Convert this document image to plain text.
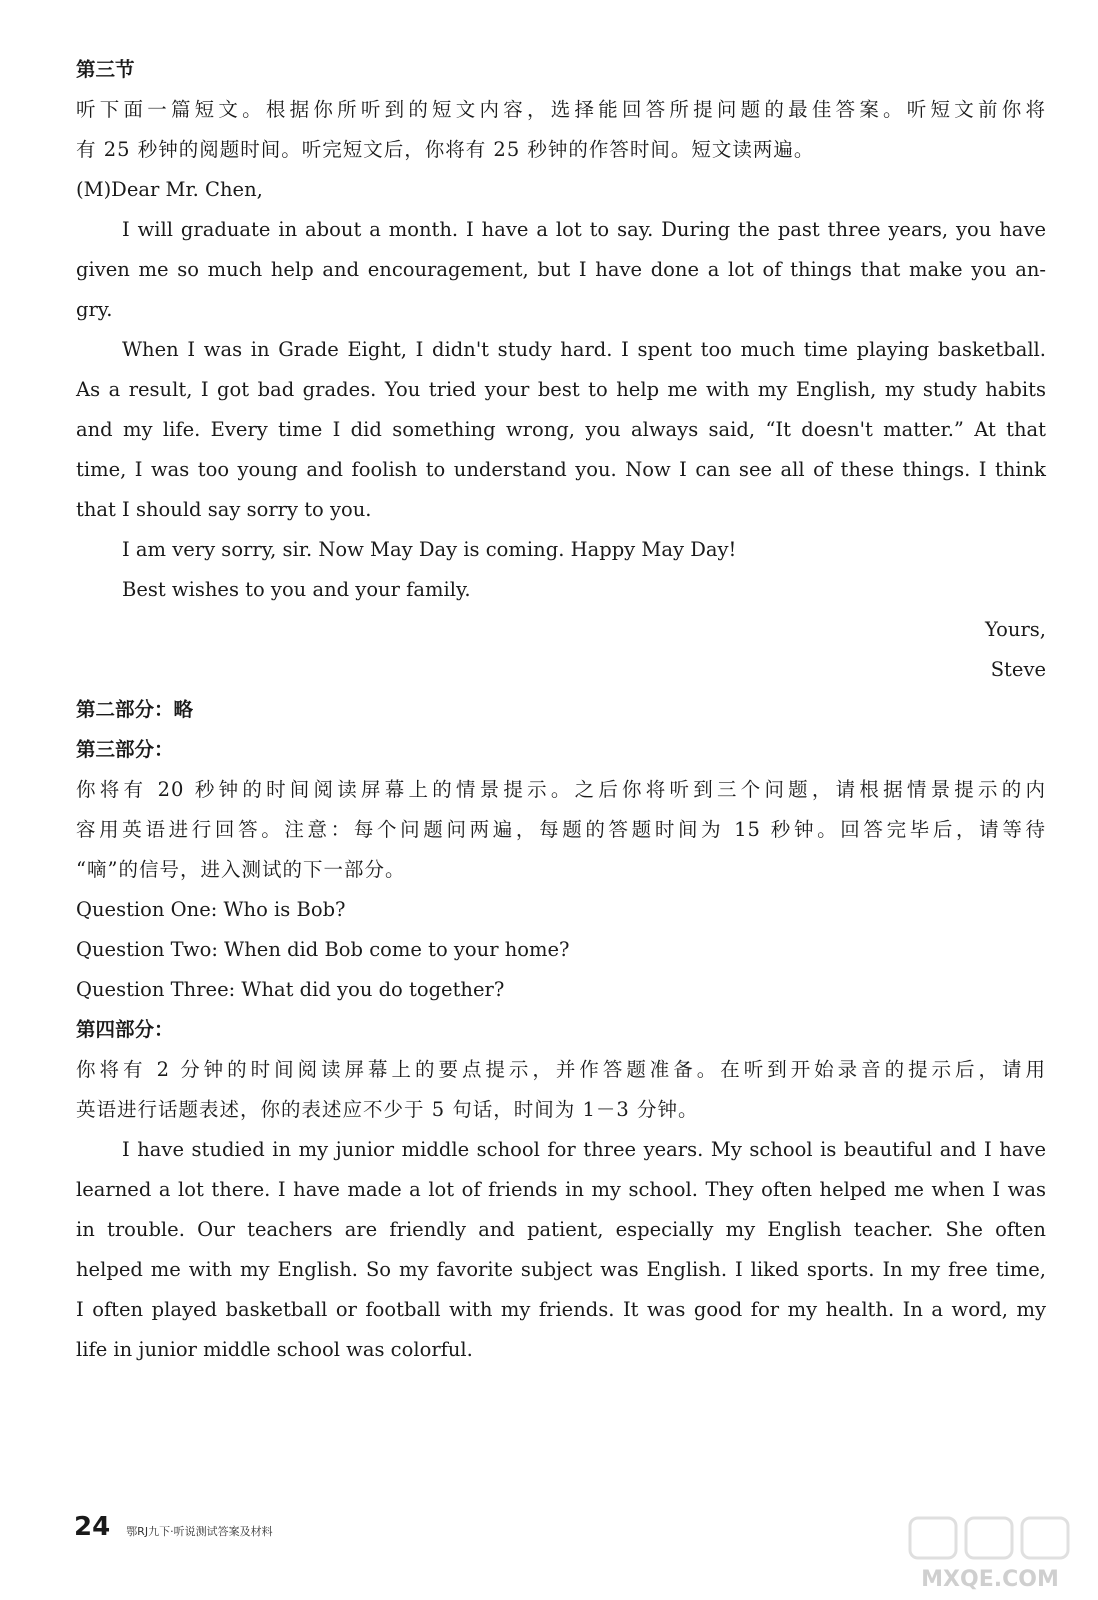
第三节
听下面一篇短文。根据你所听到的短文内容，选择能回答所提问题的最佳答案。听短文前你将
有 25 秒钟的阅题时间。听完短文后，你将有 25 秒钟的作答时间。短文读两遍。
(M)Dear Mr. Chen,
I will graduate in about a month. I have a lot to say. During the past three years, you have
given me so much help and encouragement, but I have done a lot of things that make you an-
gry.
When I was in Grade Eight, I didn't study hard. I spent too much time playing basketball.
As a result, I got bad grades. You tried your best to help me with my English, my study habits
and my life. Every time I did something wrong, you always said, “It doesn't matter.” At that
time, I was too young and foolish to understand you. Now I can see all of these things. I think
that I should say sorry to you.
I am very sorry, sir. Now May Day is coming. Happy May Day!
Best wishes to you and your family.
Yours,
Steve
第二部分：略
第三部分：
你将有 20 秒钟的时间阅读屏幕上的情景提示。之后你将听到三个问题，请根据情景提示的内
容用英语进行回答。注意：每个问题问两遍，每题的答题时间为 15 秒钟。回答完毕后，请等待
“嘀”的信号，进入测试的下一部分。
Question One: Who is Bob?
Question Two: When did Bob come to your home?
Question Three: What did you do together?
第四部分：
你将有 2 分钟的时间阅读屏幕上的要点提示，并作答题准备。在听到开始录音的提示后，请用
英语进行话题表述，你的表述应不少于 5 句话，时间为 1－3 分钟。
I have studied in my junior middle school for three years. My school is beautiful and I have
learned a lot there. I have made a lot of friends in my school. They often helped me when I was
in trouble. Our teachers are friendly and patient, especially my English teacher. She often
helped me with my English. So my favorite subject was English. I liked sports. In my free time,
I often played basketball or football with my friends. It was good for my health. In a word, my
life in junior middle school was colorful.
24 鄂RJ九下·听说测试答案及材料
MXQE.COM
